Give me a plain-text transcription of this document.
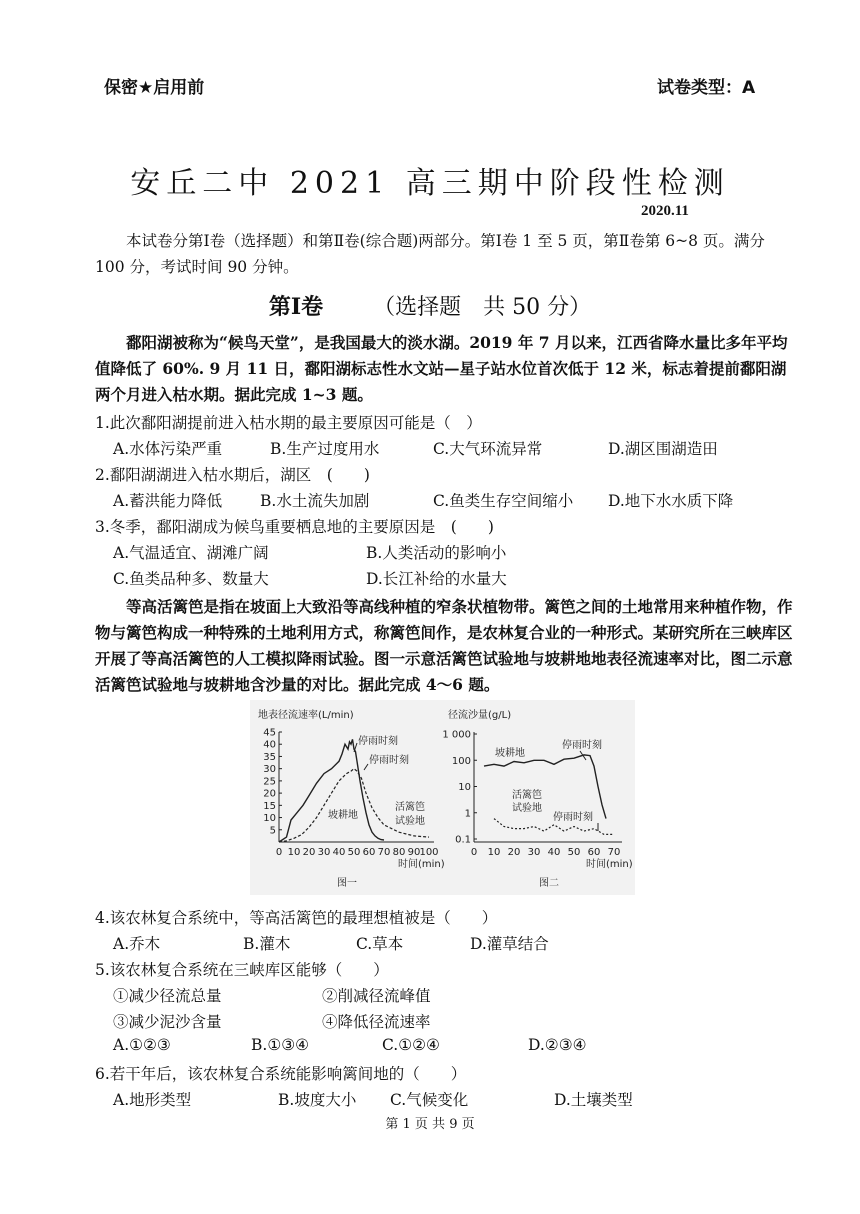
保密★启用前	试卷类型：A
安丘二中 2021 高三期中阶段性检测
2020.11
本试卷分第Ⅰ卷（选择题）和第Ⅱ卷(综合题)两部分。第Ⅰ卷 1 至 5 页，第Ⅱ卷第 6~8 页。满分 100 分，考试时间 90 分钟。
第Ⅰ卷 （选择题　共 50 分）
鄱阳湖被称为“候鸟天堂”，是我国最大的淡水湖。2019 年 7 月以来，江西省降水量比多年平均值降低了 60%. 9 月 11 日，鄱阳湖标志性水文站—星子站水位首次低于 12 米，标志着提前鄱阳湖两个月进入枯水期。据此完成 1~3 题。
1.此次鄱阳湖提前进入枯水期的最主要原因可能是（　）
A.水体污染严重	B.生产过度用水	C.大气环流异常	D.湖区围湖造田
2.鄱阳湖湖进入枯水期后，湖区　(　　)
A.蓄洪能力降低 B.水土流失加剧	C.鱼类生存空间缩小 D.地下水水质下降
3.冬季，鄱阳湖成为候鸟重要栖息地的主要原因是　(　　)
A.气温适宜、湖滩广阔	B.人类活动的影响小
C.鱼类品种多、数量大	D.长江补给的水量大
等高活篱笆是指在坡面上大致沿等高线种植的窄条状植物带。篱笆之间的土地常用来种植作物，作物与篱笆构成一种特殊的土地利用方式，称篱笆间作，是农林复合业的一种形式。某研究所在三峡库区开展了等高活篱笆的人工模拟降雨试验。图一示意活篱笆试验地与坡耕地地表径流速率对比，图二示意活篱笆试验地与坡耕地含沙量的对比。据此完成 4～6 题。
地表径流速率(L/min)
45
40
35
30
25
20
15
10
5
0 10 20 30 40 50 60 70 80 90 100
停雨时刻
停雨时刻
坡耕地
活篱笆
试验地
时间(min)
图一
径流沙量(g/L)
1 000
100
10
1
0.1
0 10 20 30 40 50 60 70
坡耕地
停雨时刻
活篱笆
试验地
停雨时刻
时间(min)
图二
4.该农林复合系统中，等高活篱笆的最理想植被是（　　）
A.乔木	B.灌木	C.草本	D.灌草结合
5.该农林复合系统在三峡库区能够（　　）
①减少径流总量	②削减径流峰值
③减少泥沙含量	④降低径流速率
A.①②③	B.①③④	C.①②④	D.②③④
6.若干年后，该农林复合系统能影响篱间地的（　　）
A.地形类型	B.坡度大小 C.气候变化	D.土壤类型
第 1 页 共 9 页
